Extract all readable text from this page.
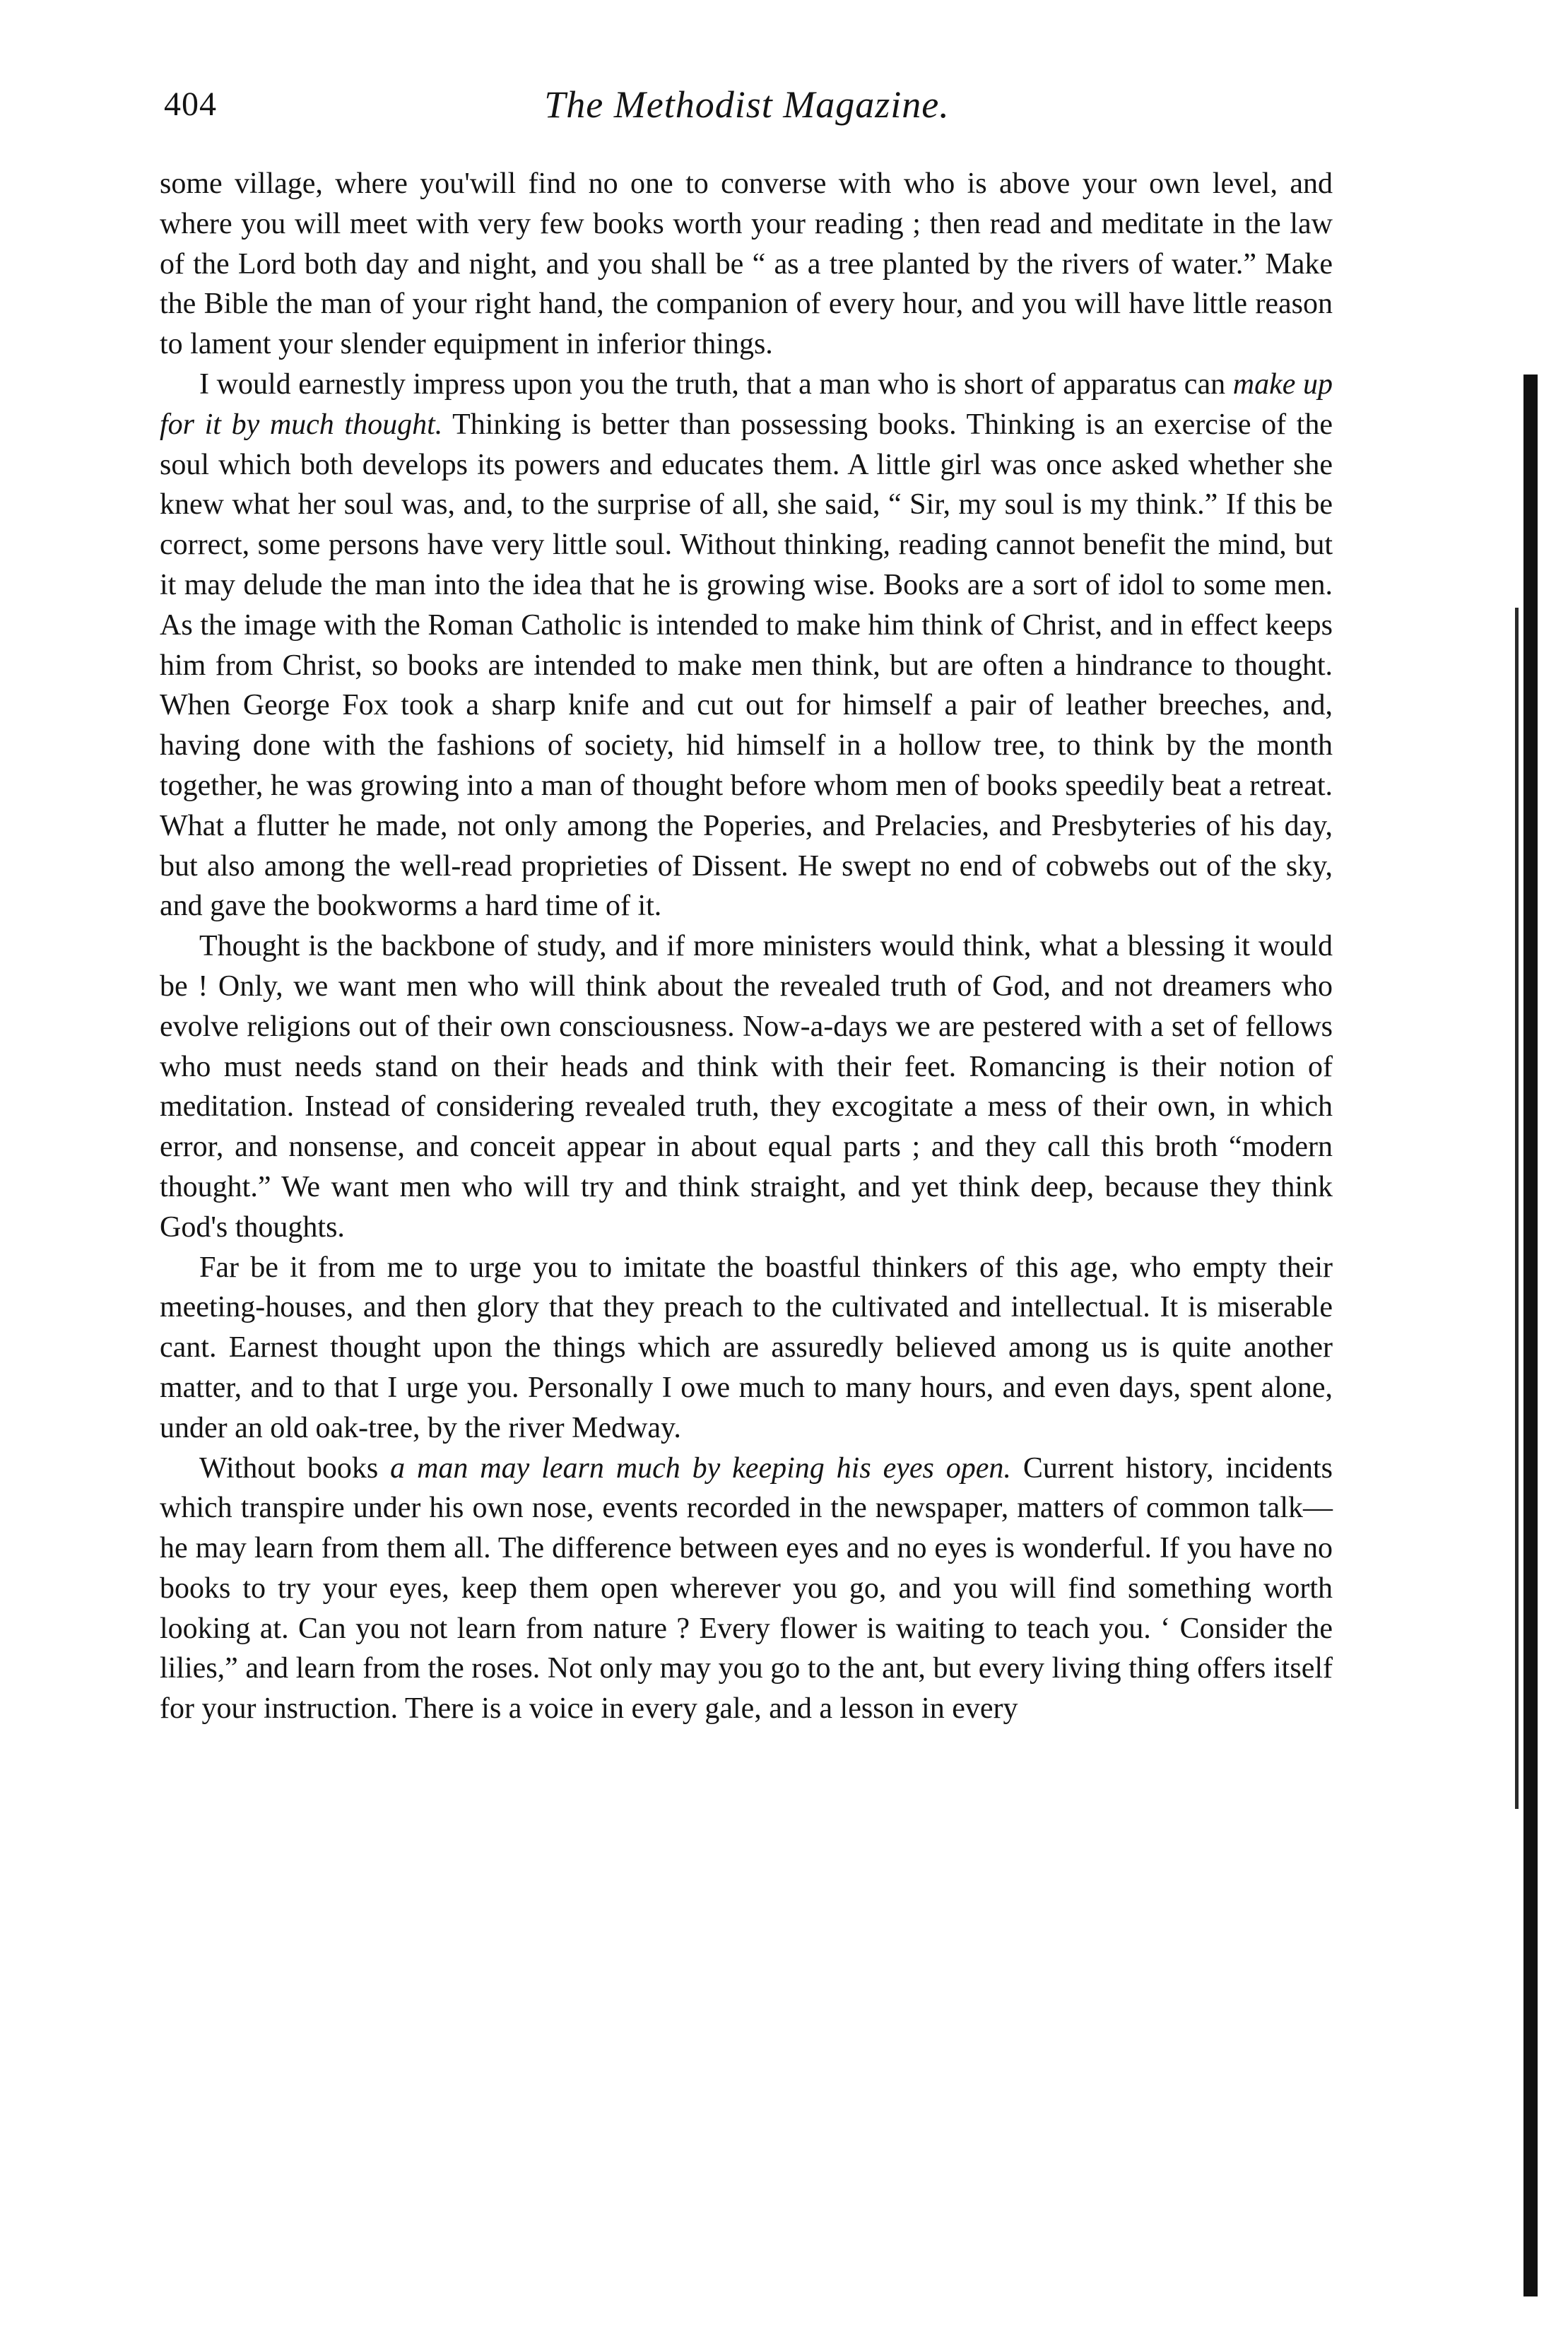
404	The Methodist Magazine.

some village, where you'will find no one to converse with who is above your own level, and where you will meet with very few books worth your reading ; then read and meditate in the law of the Lord both day and night, and you shall be “ as a tree planted by the rivers of water.” Make the Bible the man of your right hand, the companion of every hour, and you will have little reason to lament your slender equipment in inferior things.

I would earnestly impress upon you the truth, that a man who is short of apparatus can make up for it by much thought. Thinking is better than possessing books. Thinking is an exercise of the soul which both develops its powers and educates them. A little girl was once asked whether she knew what her soul was, and, to the surprise of all, she said, “ Sir, my soul is my think.” If this be correct, some persons have very little soul. Without thinking, reading cannot benefit the mind, but it may delude the man into the idea that he is growing wise. Books are a sort of idol to some men. As the image with the Roman Catholic is intended to make him think of Christ, and in effect keeps him from Christ, so books are intended to make men think, but are often a hindrance to thought. When George Fox took a sharp knife and cut out for himself a pair of leather breeches, and, having done with the fashions of society, hid himself in a hollow tree, to think by the month together, he was growing into a man of thought before whom men of books speedily beat a retreat. What a flutter he made, not only among the Poperies, and Prelacies, and Presbyteries of his day, but also among the well-read proprieties of Dissent. He swept no end of cobwebs out of the sky, and gave the bookworms a hard time of it.

Thought is the backbone of study, and if more ministers would think, what a blessing it would be ! Only, we want men who will think about the revealed truth of God, and not dreamers who evolve religions out of their own consciousness. Now-a-days we are pestered with a set of fellows who must needs stand on their heads and think with their feet. Romancing is their notion of meditation. Instead of considering revealed truth, they excogitate a mess of their own, in which error, and nonsense, and conceit appear in about equal parts ; and they call this broth “modern thought.” We want men who will try and think straight, and yet think deep, because they think God's thoughts.

Far be it from me to urge you to imitate the boastful thinkers of this age, who empty their meeting-houses, and then glory that they preach to the cultivated and intellectual. It is miserable cant. Earnest thought upon the things which are assuredly believed among us is quite another matter, and to that I urge you. Personally I owe much to many hours, and even days, spent alone, under an old oak-tree, by the river Medway.

Without books a man may learn much by keeping his eyes open. Current history, incidents which transpire under his own nose, events recorded in the newspaper, matters of common talk—he may learn from them all. The difference between eyes and no eyes is wonderful. If you have no books to try your eyes, keep them open wherever you go, and you will find something worth looking at. Can you not learn from nature ? Every flower is waiting to teach you. ‘ Consider the lilies,” and learn from the roses. Not only may you go to the ant, but every living thing offers itself for your instruction. There is a voice in every gale, and a lesson in every
